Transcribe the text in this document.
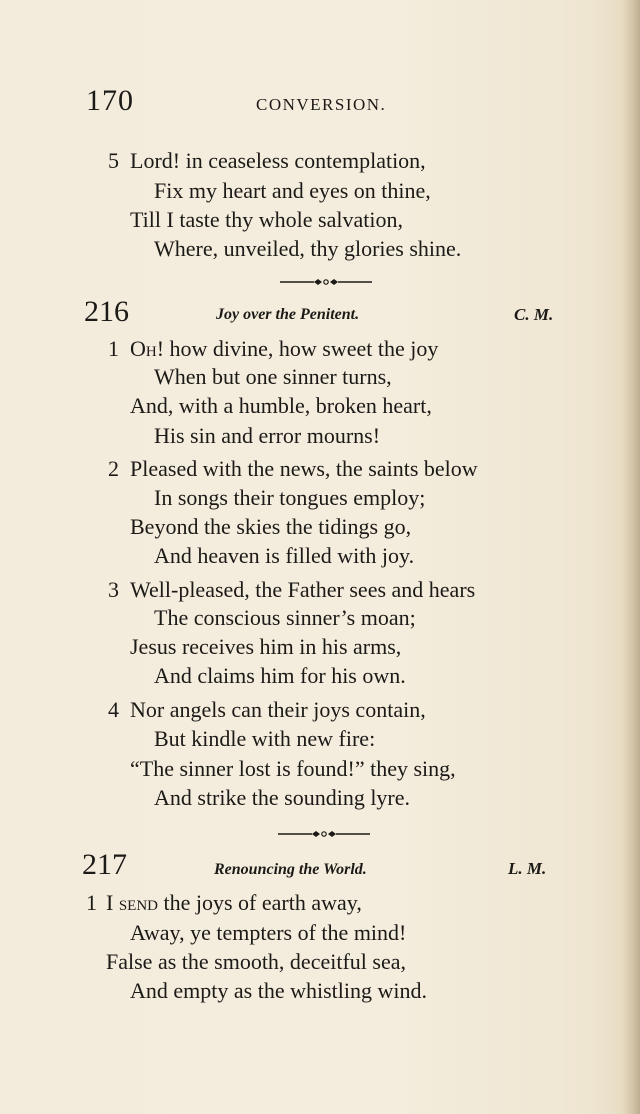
170	CONVERSION.
5 Lord! in ceaseless contemplation,
Fix my heart and eyes on thine,
Till I taste thy whole salvation,
Where, unveiled, thy glories shine.
216	Joy over the Penitent.	C. M.
1 Oh! how divine, how sweet the joy
When but one sinner turns,
And, with a humble, broken heart,
His sin and error mourns!
2 Pleased with the news, the saints below
In songs their tongues employ;
Beyond the skies the tidings go,
And heaven is filled with joy.
3 Well-pleased, the Father sees and hears
The conscious sinner’s moan;
Jesus receives him in his arms,
And claims him for his own.
4 Nor angels can their joys contain,
But kindle with new fire:
“The sinner lost is found!” they sing,
And strike the sounding lyre.
217	Renouncing the World.	L. M.
1 I send the joys of earth away,
Away, ye tempters of the mind!
False as the smooth, deceitful sea,
And empty as the whistling wind.
